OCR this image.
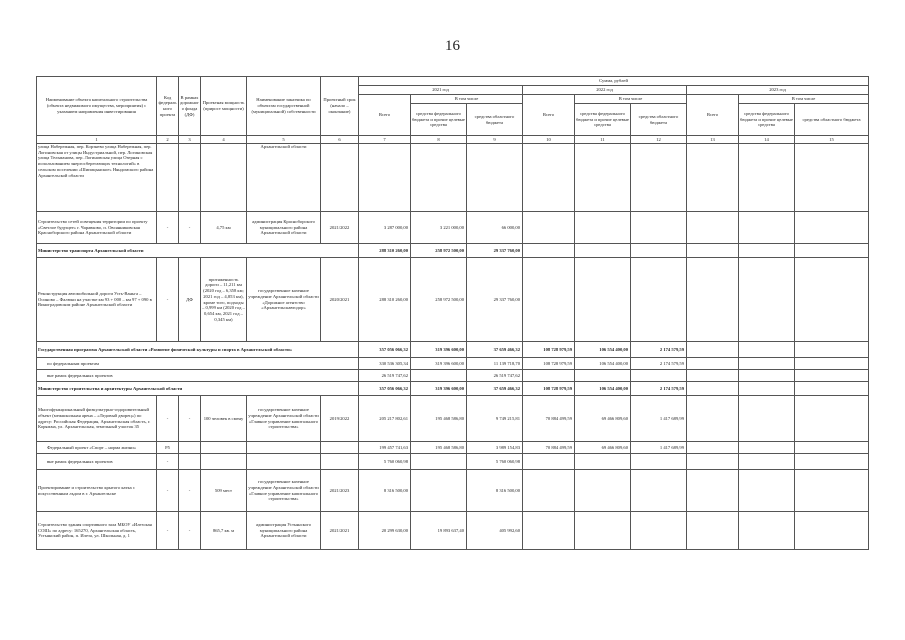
16
Наименование объекта капитального строительства (объекта недвижимого имущества, мероприятия) с указанием направления инвестирования	Код федерального проекта	В рамках дорожного фонда (ДФ)	Проектная мощность (прирост мощности)	Наименование заказчика по объектам государственной (муниципальной) собственности	Проектный срок (начало – окончание)	Сумма, рублей								
						2021 год			2022 год			2023 год		
						Всего	В том числе		Всего	В том числе		Всего	В том числе	
							средства федерального бюджета и прочие целевые средства	средства областного бюджета		средства федерального бюджета и прочие целевые средства	средства областного бюджета		средства федерального бюджета и прочие целевые средства	средства областного бюджета
1	2	3	4	5	6	7	8	9	10	11	12	13	14	15
улица Набережная, пер. Корзнево улица Набережная, пер. Логиновская от улицы Индустриальной, пер. Логиновская улица Тельманова, пер. Логиновская улица Озерная с использованием энергосберегающих технологий» в сельском поселении «Шипицынское» Няндомского района Архангельской области				Архангельской области										
Строительство сетей освещения территории по проекту «Светлое будущее» г. Чаравково, п. Овсянниковская Красноборского района Архангельской области	-	-	4,75 км	администрация Красноборского муниципального района Архангельской области	2021/2022	3 287 000,00	3 221 000,00	66 000,00						
Министерство транспорта Архангельской области						288 310 260,00	258 972 500,00	29 337 760,00						
Реконструкция автомобильной дороги Усть-Ваньга – Осиново – Фалюки на участке км 93 + 000 – км 97 + 090 в Виноградовском районе Архангельской области	-	ДФ	протяженность дороги – 11,211 км (2020 год – 6,358 км; 2021 год – 4,853 км), кроме того, подходы – 0,999 км (2020 год – 0,654 км, 2021 год – 0,345 км)	государственное казенное учреждение Архангельской области «Дорожное агентство «Архангельскавтодор»	2020/2021	288 310 260,00	258 972 500,00	29 337 760,00						
Государственная программа Архангельской области «Развитие физической культуры и спорта в Архангельской области»						357 056 066,32	319 396 600,00	37 659 466,32	108 728 979,59	106 554 400,00	2 174 579,59			
по федеральным проектам						330 536 305,34	319 396 600,00	11 139 718,70	108 728 979,59	106 554 400,00	2 174 579,59			
вне рамок федеральных проектов						26 519 747,62		26 519 747,62						
Министерство строительства и архитектуры Архангельской области						357 056 066,32	319 396 600,00	37 659 466,32	108 728 979,59	106 554 400,00	2 174 579,59			
Многофункциональный физкультурно-оздоровительный объект (межшкольная арена – «Ледовый дворец») по адресу: Российская Федерация, Архангельская область, г. Коряжма, ул. Архангельская, земельный участок 35	-	-	100 человек в смену	государственное казенное учреждение Архангельской области «Главное управление капитального строительства»	2019/2022	205 217 802,61	195 468 586,80	9 749 215,81	70 884 499,59	69 466 809,60	1 417 689,99			
Федеральный проект «Спорт – норма жизни»	P5					199 457 741,63	195 468 586,80	3 989 154,83	70 884 499,59	69 466 809,60	1 417 689,99			
вне рамок федеральных проектов	-					5 760 060,98		5 760 060,98						
Проектирование и строительство крытого катка с искусственным льдом в г. Архангельске	-	-	509 мест	государственное казенное учреждение Архангельской области «Главное управление капитального строительства»	2021/2023	8 316 500,00		8 316 500,00						
Строительство здания спортивного зала МБОУ «Илезская СОШ» по адресу: 165270, Архангельская область, Устьянский район, п. Илеза, ул. Школьная, д. 1	-	-	865,7 кв. м	администрация Устьянского муниципального района Архангельской области	2021/2021	20 299 630,00	19 893 637,40	405 992,60						
